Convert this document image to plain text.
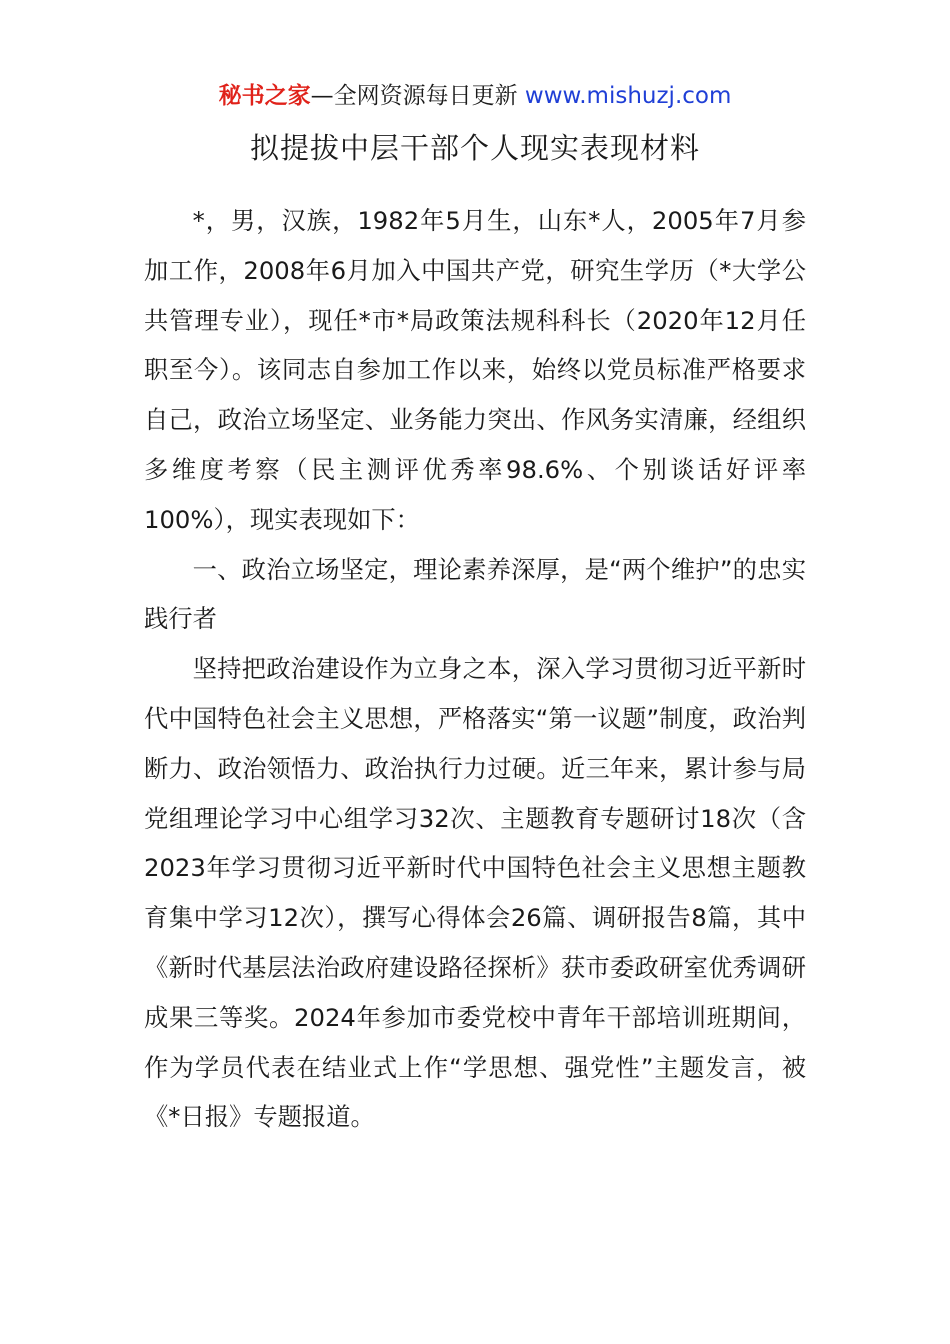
秘书之家—全网资源每日更新 www.mishuzj.com
拟提拔中层干部个人现实表现材料

*，男，汉族，1982年5月生，山东*人，2005年7月参加工作，2008年6月加入中国共产党，研究生学历（*大学公共管理专业），现任*市*局政策法规科科长（2020年12月任职至今）。该同志自参加工作以来，始终以党员标准严格要求自己，政治立场坚定、业务能力突出、作风务实清廉，经组织多维度考察（民主测评优秀率98.6%、个别谈话好评率100%），现实表现如下：

一、政治立场坚定，理论素养深厚，是“两个维护”的忠实践行者

坚持把政治建设作为立身之本，深入学习贯彻习近平新时代中国特色社会主义思想，严格落实“第一议题”制度，政治判断力、政治领悟力、政治执行力过硬。近三年来，累计参与局党组理论学习中心组学习32次、主题教育专题研讨18次（含2023年学习贯彻习近平新时代中国特色社会主义思想主题教育集中学习12次），撰写心得体会26篇、调研报告8篇，其中《新时代基层法治政府建设路径探析》获市委政研室优秀调研成果三等奖。2024年参加市委党校中青年干部培训班期间，作为学员代表在结业式上作“学思想、强党性”主题发言，被《*日报》专题报道。
